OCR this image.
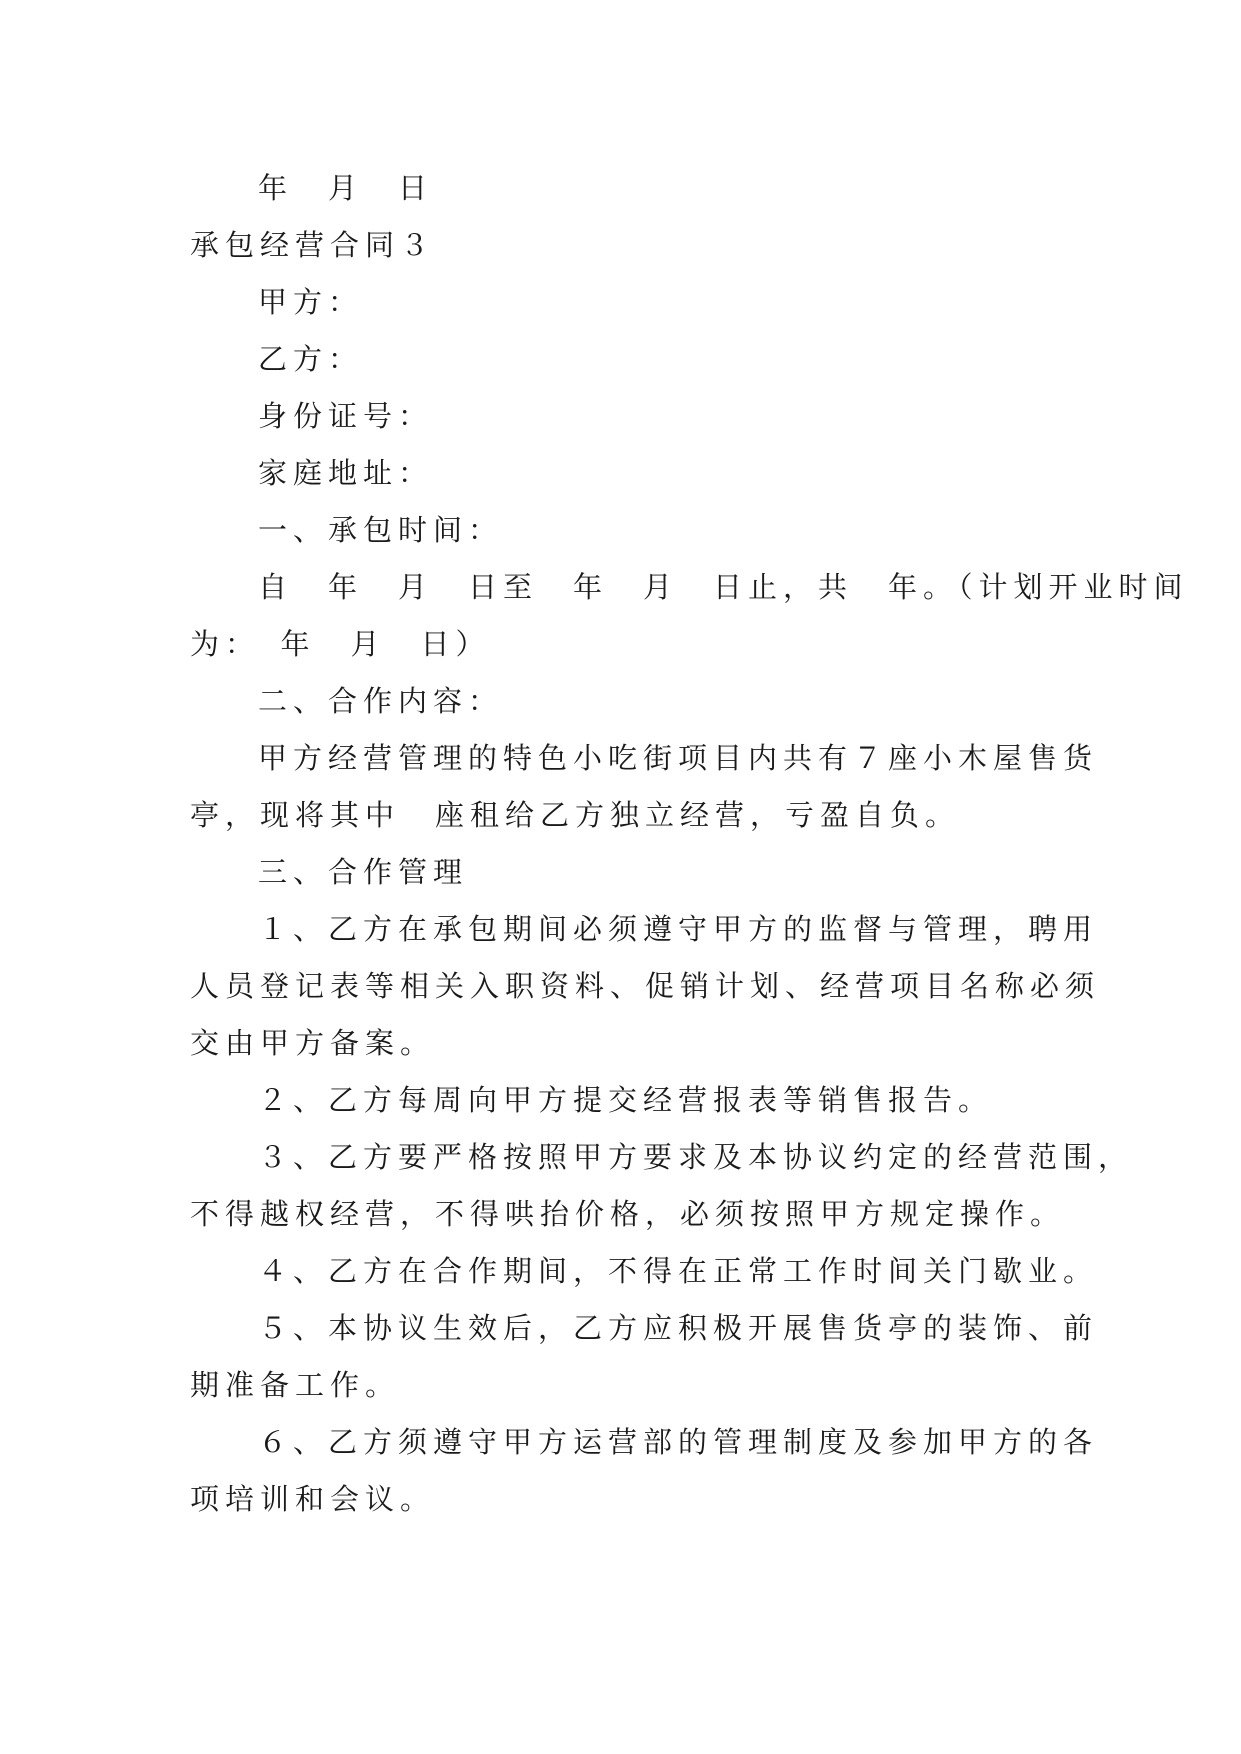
年　月　日

承包经营合同３

甲方：

乙方：

身份证号：

家庭地址：

一、承包时间：

自　年　月　日至　年　月　日止，共　年。（计划开业时间

为：　年　月　日）

二、合作内容：

甲方经营管理的特色小吃街项目内共有７座小木屋售货

亭，现将其中　座租给乙方独立经营，亏盈自负。

三、合作管理

１、乙方在承包期间必须遵守甲方的监督与管理，聘用

人员登记表等相关入职资料、促销计划、经营项目名称必须

交由甲方备案。

２、乙方每周向甲方提交经营报表等销售报告。

３、乙方要严格按照甲方要求及本协议约定的经营范围，

不得越权经营，不得哄抬价格，必须按照甲方规定操作。

４、乙方在合作期间，不得在正常工作时间关门歇业。

５、本协议生效后，乙方应积极开展售货亭的装饰、前

期准备工作。

６、乙方须遵守甲方运营部的管理制度及参加甲方的各

项培训和会议。
